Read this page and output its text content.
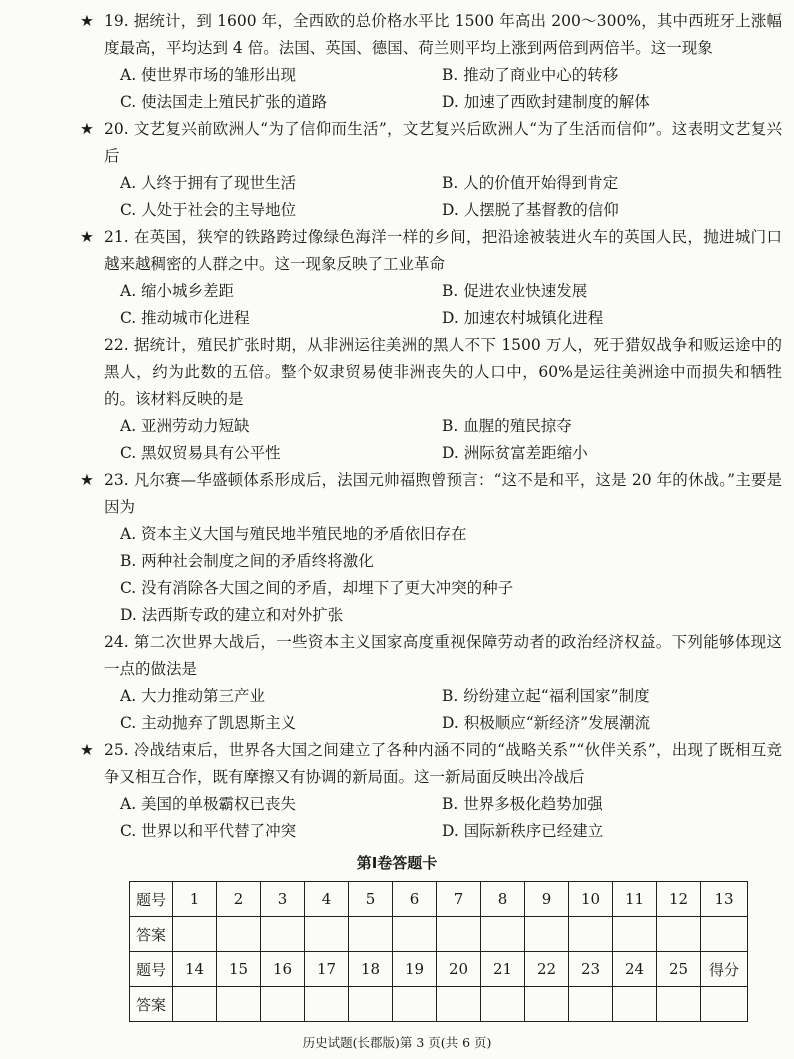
★ 19. 据统计，到 1600 年，全西欧的总价格水平比 1500 年高出 200～300%，其中西班牙上涨幅度最高，平均达到 4 倍。法国、英国、德国、荷兰则平均上涨到两倍到两倍半。这一现象
A. 使世界市场的雏形出现	B. 推动了商业中心的转移
C. 使法国走上殖民扩张的道路	D. 加速了西欧封建制度的解体
★ 20. 文艺复兴前欧洲人“为了信仰而生活”，文艺复兴后欧洲人“为了生活而信仰”。这表明文艺复兴后
A. 人终于拥有了现世生活	B. 人的价值开始得到肯定
C. 人处于社会的主导地位	D. 人摆脱了基督教的信仰
★ 21. 在英国，狭窄的铁路跨过像绿色海洋一样的乡间，把沿途被装进火车的英国人民，抛进城门口越来越稠密的人群之中。这一现象反映了工业革命
A. 缩小城乡差距	B. 促进农业快速发展
C. 推动城市化进程	D. 加速农村城镇化进程
22. 据统计，殖民扩张时期，从非洲运往美洲的黑人不下 1500 万人，死于猎奴战争和贩运途中的黑人，约为此数的五倍。整个奴隶贸易使非洲丧失的人口中，60%是运往美洲途中而损失和牺牲的。该材料反映的是
A. 亚洲劳动力短缺	B. 血腥的殖民掠夺
C. 黑奴贸易具有公平性	D. 洲际贫富差距缩小
★ 23. 凡尔赛—华盛顿体系形成后，法国元帅福煦曾预言：“这不是和平，这是 20 年的休战。”主要是因为
A. 资本主义大国与殖民地半殖民地的矛盾依旧存在
B. 两种社会制度之间的矛盾终将激化
C. 没有消除各大国之间的矛盾，却埋下了更大冲突的种子
D. 法西斯专政的建立和对外扩张
24. 第二次世界大战后，一些资本主义国家高度重视保障劳动者的政治经济权益。下列能够体现这一点的做法是
A. 大力推动第三产业	B. 纷纷建立起“福利国家”制度
C. 主动抛弃了凯恩斯主义	D. 积极顺应“新经济”发展潮流
★ 25. 冷战结束后，世界各大国之间建立了各种内涵不同的“战略关系”“伙伴关系”，出现了既相互竞争又相互合作，既有摩擦又有协调的新局面。这一新局面反映出冷战后
A. 美国的单极霸权已丧失	B. 世界多极化趋势加强
C. 世界以和平代替了冲突	D. 国际新秩序已经建立
第Ⅰ卷答题卡
题号	1	2	3	4	5	6	7	8	9	10	11	12	13
答案													
题号	14	15	16	17	18	19	20	21	22	23	24	25	得分
答案													
历史试题(长郡版)第 3 页(共 6 页)
